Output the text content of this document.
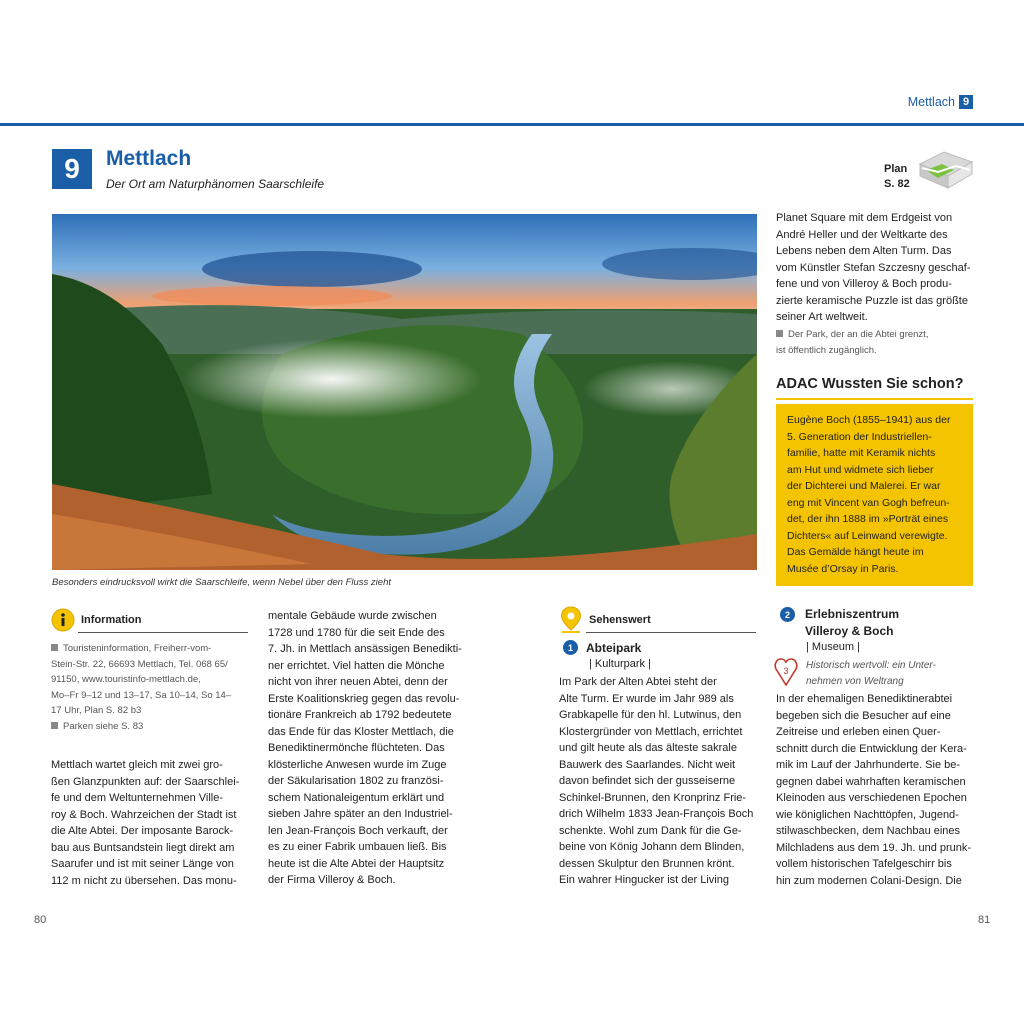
Mettlach 9
9	Mettlach
Der Ort am Naturphänomen Saarschleife
Plan
S. 82
Besonders eindrucksvoll wirkt die Saarschleife, wenn Nebel über den Fluss zieht
Information
Touristeninformation, Freiherr-vom-
Stein-Str. 22, 66693 Mettlach, Tel. 068 65/
91150, www.touristinfo-mettlach.de,
Mo–Fr 9–12 und 13–17, Sa 10–14, So 14–
17 Uhr, Plan S. 82 b3
Parken siehe S. 83
Mettlach wartet gleich mit zwei gro-
ßen Glanzpunkten auf: der Saarschlei-
fe und dem Weltunternehmen Ville-
roy & Boch. Wahrzeichen der Stadt ist
die Alte Abtei. Der imposante Barock-
bau aus Buntsandstein liegt direkt am
Saarufer und ist mit seiner Länge von
112 m nicht zu übersehen. Das monu-
mentale Gebäude wurde zwischen
1728 und 1780 für die seit Ende des
7. Jh. in Mettlach ansässigen Benedikti-
ner errichtet. Viel hatten die Mönche
nicht von ihrer neuen Abtei, denn der
Erste Koalitionskrieg gegen das revolu-
tionäre Frankreich ab 1792 bedeutete
das Ende für das Kloster Mettlach, die
Benediktinermönche flüchteten. Das
klösterliche Anwesen wurde im Zuge
der Säkularisation 1802 zu französi-
schem Nationaleigentum erklärt und
sieben Jahre später an den Industriel-
len Jean-François Boch verkauft, der
es zu einer Fabrik umbauen ließ. Bis
heute ist die Alte Abtei der Hauptsitz
der Firma Villeroy & Boch.
Sehenswert
1	Abteipark
| Kulturpark |
Im Park der Alten Abtei steht der
Alte Turm. Er wurde im Jahr 989 als
Grabkapelle für den hl. Lutwinus, den
Klostergründer von Mettlach, errichtet
und gilt heute als das älteste sakrale
Bauwerk des Saarlandes. Nicht weit
davon befindet sich der gusseiserne
Schinkel-Brunnen, den Kronprinz Frie-
drich Wilhelm 1833 Jean-François Boch
schenkte. Wohl zum Dank für die Ge-
beine von König Johann dem Blinden,
dessen Skulptur den Brunnen krönt.
Ein wahrer Hingucker ist der Living
Planet Square mit dem Erdgeist von
André Heller und der Weltkarte des
Lebens neben dem Alten Turm. Das
vom Künstler Stefan Szczesny geschaf-
fene und von Villeroy & Boch produ-
zierte keramische Puzzle ist das größte
seiner Art weltweit.
Der Park, der an die Abtei grenzt,
ist öffentlich zugänglich.
ADAC Wussten Sie schon?
Eugène Boch (1855–1941) aus der
5. Generation der Industriellen-
familie, hatte mit Keramik nichts
am Hut und widmete sich lieber
der Dichterei und Malerei. Er war
eng mit Vincent van Gogh befreun-
det, der ihn 1888 im »Porträt eines
Dichters« auf Leinwand verewigte.
Das Gemälde hängt heute im
Musée d’Orsay in Paris.
2	Erlebniszentrum
Villeroy & Boch
| Museum |
3 Historisch wertvoll: ein Unter-
nehmen von Weltrang
In der ehemaligen Benediktinerabtei
begeben sich die Besucher auf eine
Zeitreise und erleben einen Quer-
schnitt durch die Entwicklung der Kera-
mik im Lauf der Jahrhunderte. Sie be-
gegnen dabei wahrhaften keramischen
Kleinoden aus verschiedenen Epochen
wie königlichen Nachttöpfen, Jugend-
stilwaschbecken, dem Nachbau eines
Milchladens aus dem 19. Jh. und prunk-
vollem historischen Tafelgeschirr bis
hin zum modernen Colani-Design. Die
80	81
